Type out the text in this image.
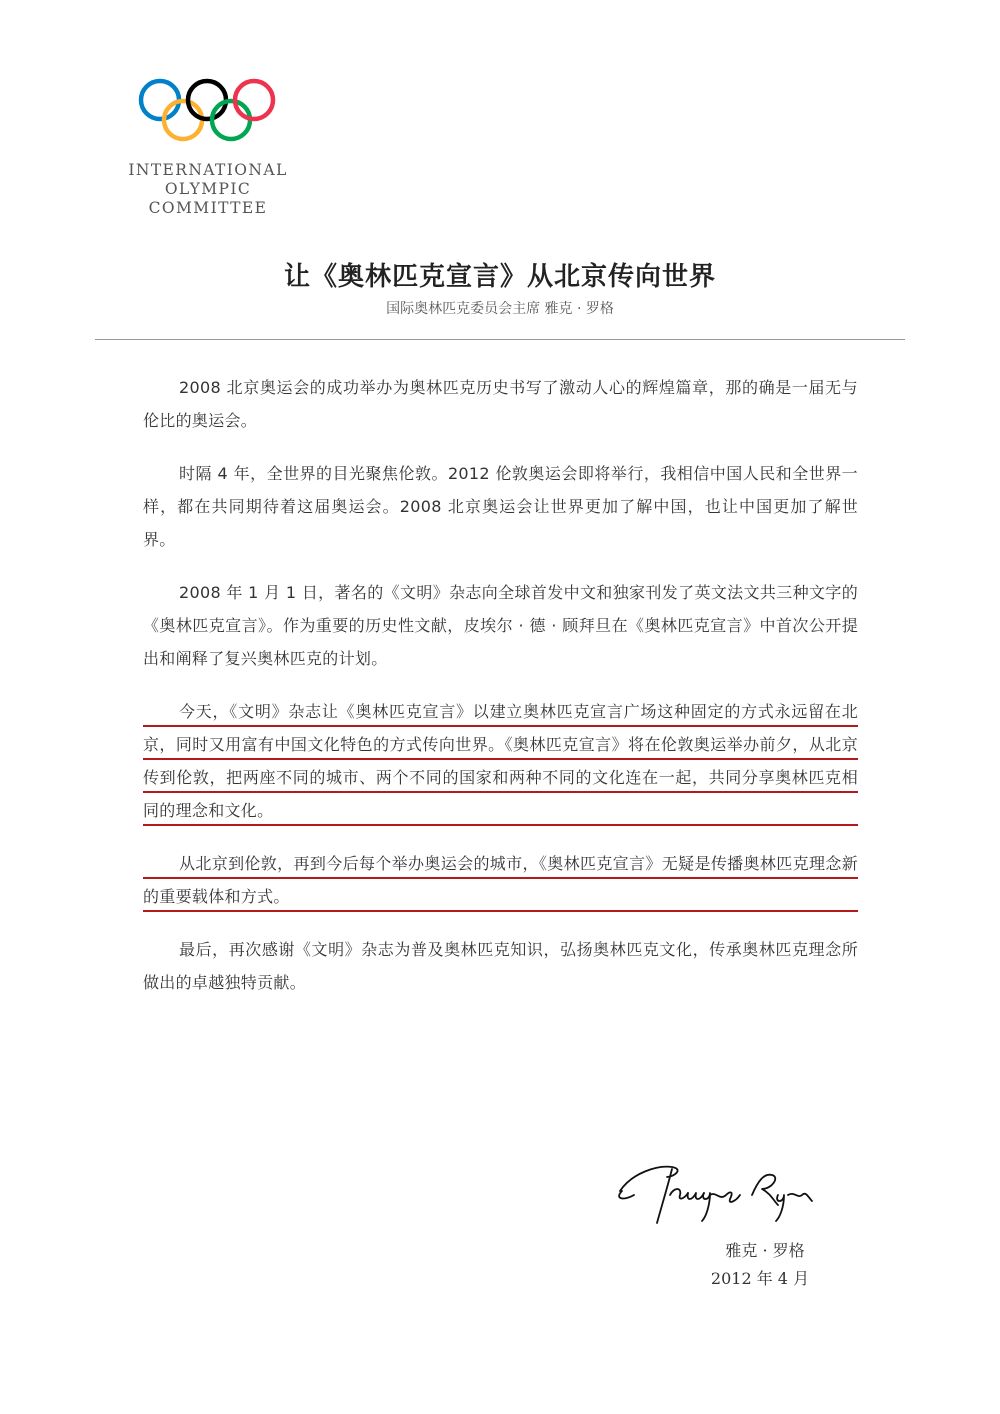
INTERNATIONAL
OLYMPIC
COMMITTEE
让《奥林匹克宣言》从北京传向世界
国际奥林匹克委员会主席 雅克 · 罗格

2008 北京奥运会的成功举办为奥林匹克历史书写了激动人心的辉煌篇章，那的确是一届无与伦比的奥运会。

时隔 4 年，全世界的目光聚焦伦敦。2012 伦敦奥运会即将举行，我相信中国人民和全世界一样，都在共同期待着这届奥运会。2008 北京奥运会让世界更加了解中国，也让中国更加了解世界。

2008 年 1 月 1 日，著名的《文明》杂志向全球首发中文和独家刊发了英文法文共三种文字的《奥林匹克宣言》。作为重要的历史性文献，皮埃尔 · 德 · 顾拜旦在《奥林匹克宣言》中首次公开提出和阐释了复兴奥林匹克的计划。

今天，《文明》杂志让《奥林匹克宣言》以建立奥林匹克宣言广场这种固定的方式永远留在北京，同时又用富有中国文化特色的方式传向世界。《奥林匹克宣言》将在伦敦奥运举办前夕，从北京传到伦敦，把两座不同的城市、两个不同的国家和两种不同的文化连在一起，共同分享奥林匹克相同的理念和文化。

从北京到伦敦，再到今后每个举办奥运会的城市，《奥林匹克宣言》无疑是传播奥林匹克理念新的重要载体和方式。

最后，再次感谢《文明》杂志为普及奥林匹克知识，弘扬奥林匹克文化，传承奥林匹克理念所做出的卓越独特贡献。

雅克 · 罗格
2012 年 4 月
